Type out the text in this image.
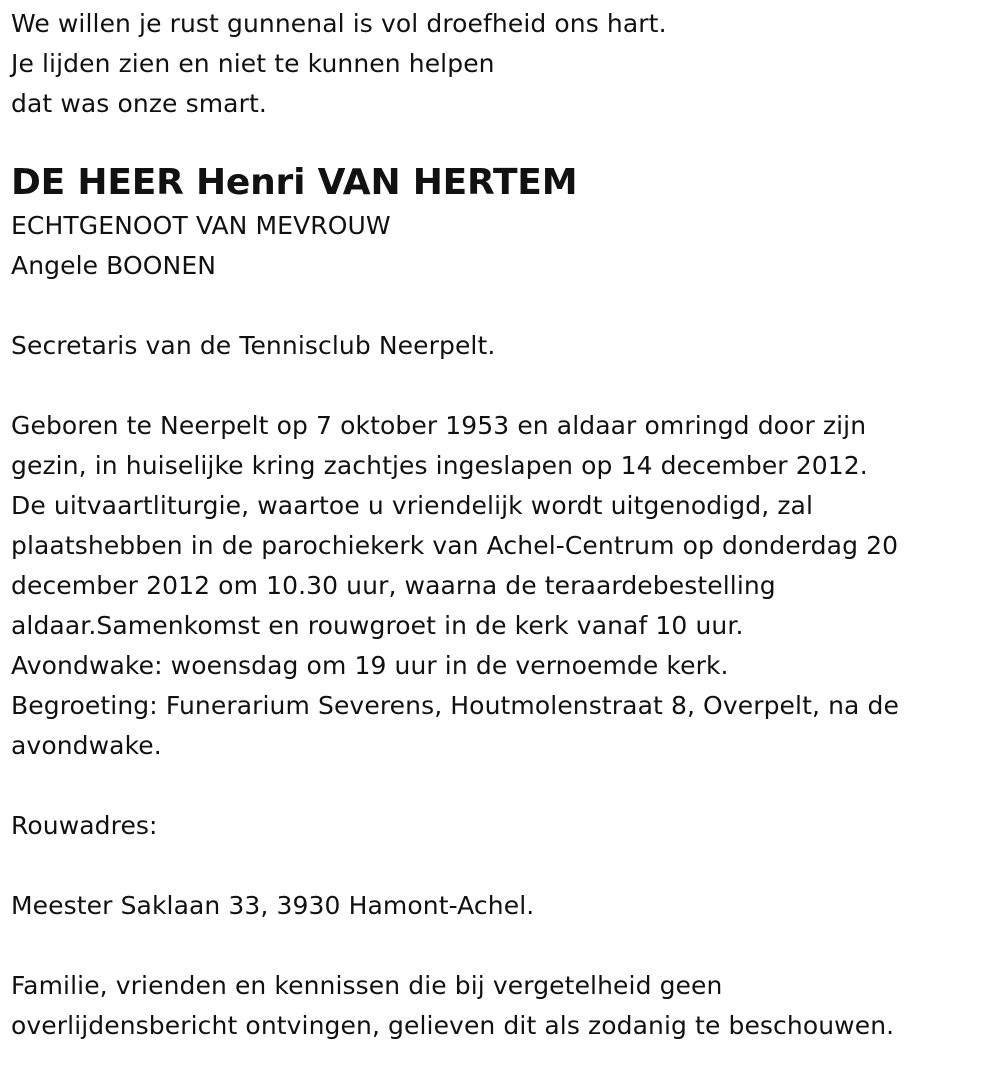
We willen je rust gunnenal is vol droefheid ons hart.
Je lijden zien en niet te kunnen helpen
dat was onze smart.
DE HEER Henri VAN HERTEM
ECHTGENOOT VAN MEVROUW
Angele BOONEN
Secretaris van de Tennisclub Neerpelt.
Geboren te Neerpelt op 7 oktober 1953 en aldaar omringd door zijn
gezin, in huiselijke kring zachtjes ingeslapen op 14 december 2012.
De uitvaartliturgie, waartoe u vriendelijk wordt uitgenodigd, zal
plaatshebben in de parochiekerk van Achel-Centrum op donderdag 20
december 2012 om 10.30 uur, waarna de teraardebestelling
aldaar.Samenkomst en rouwgroet in de kerk vanaf 10 uur.
Avondwake: woensdag om 19 uur in de vernoemde kerk.
Begroeting: Funerarium Severens, Houtmolenstraat 8, Overpelt, na de
avondwake.
Rouwadres:
Meester Saklaan 33, 3930 Hamont-Achel.
Familie, vrienden en kennissen die bij vergetelheid geen
overlijdensbericht ontvingen, gelieven dit als zodanig te beschouwen.
